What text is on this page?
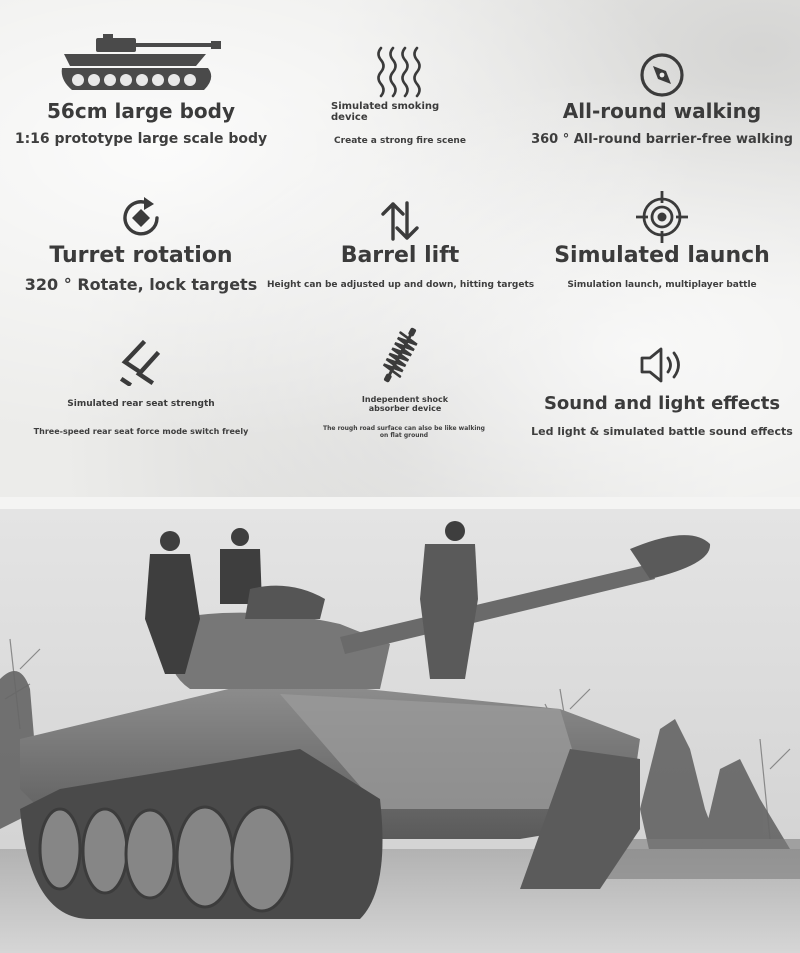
56cm large body
1:16 prototype large scale body
Simulated smoking device
Create a strong fire scene
All-round walking
360 ° All-round barrier-free walking
Turret rotation
320 ° Rotate, lock targets
Barrel lift
Height can be adjusted up and down, hitting targets
Simulated launch
Simulation launch, multiplayer battle
Simulated rear seat strength
Three-speed rear seat force mode switch freely
Independent shock absorber device
The rough road surface can also be like walking on flat ground
Sound and light effects
Led light & simulated battle sound effects
